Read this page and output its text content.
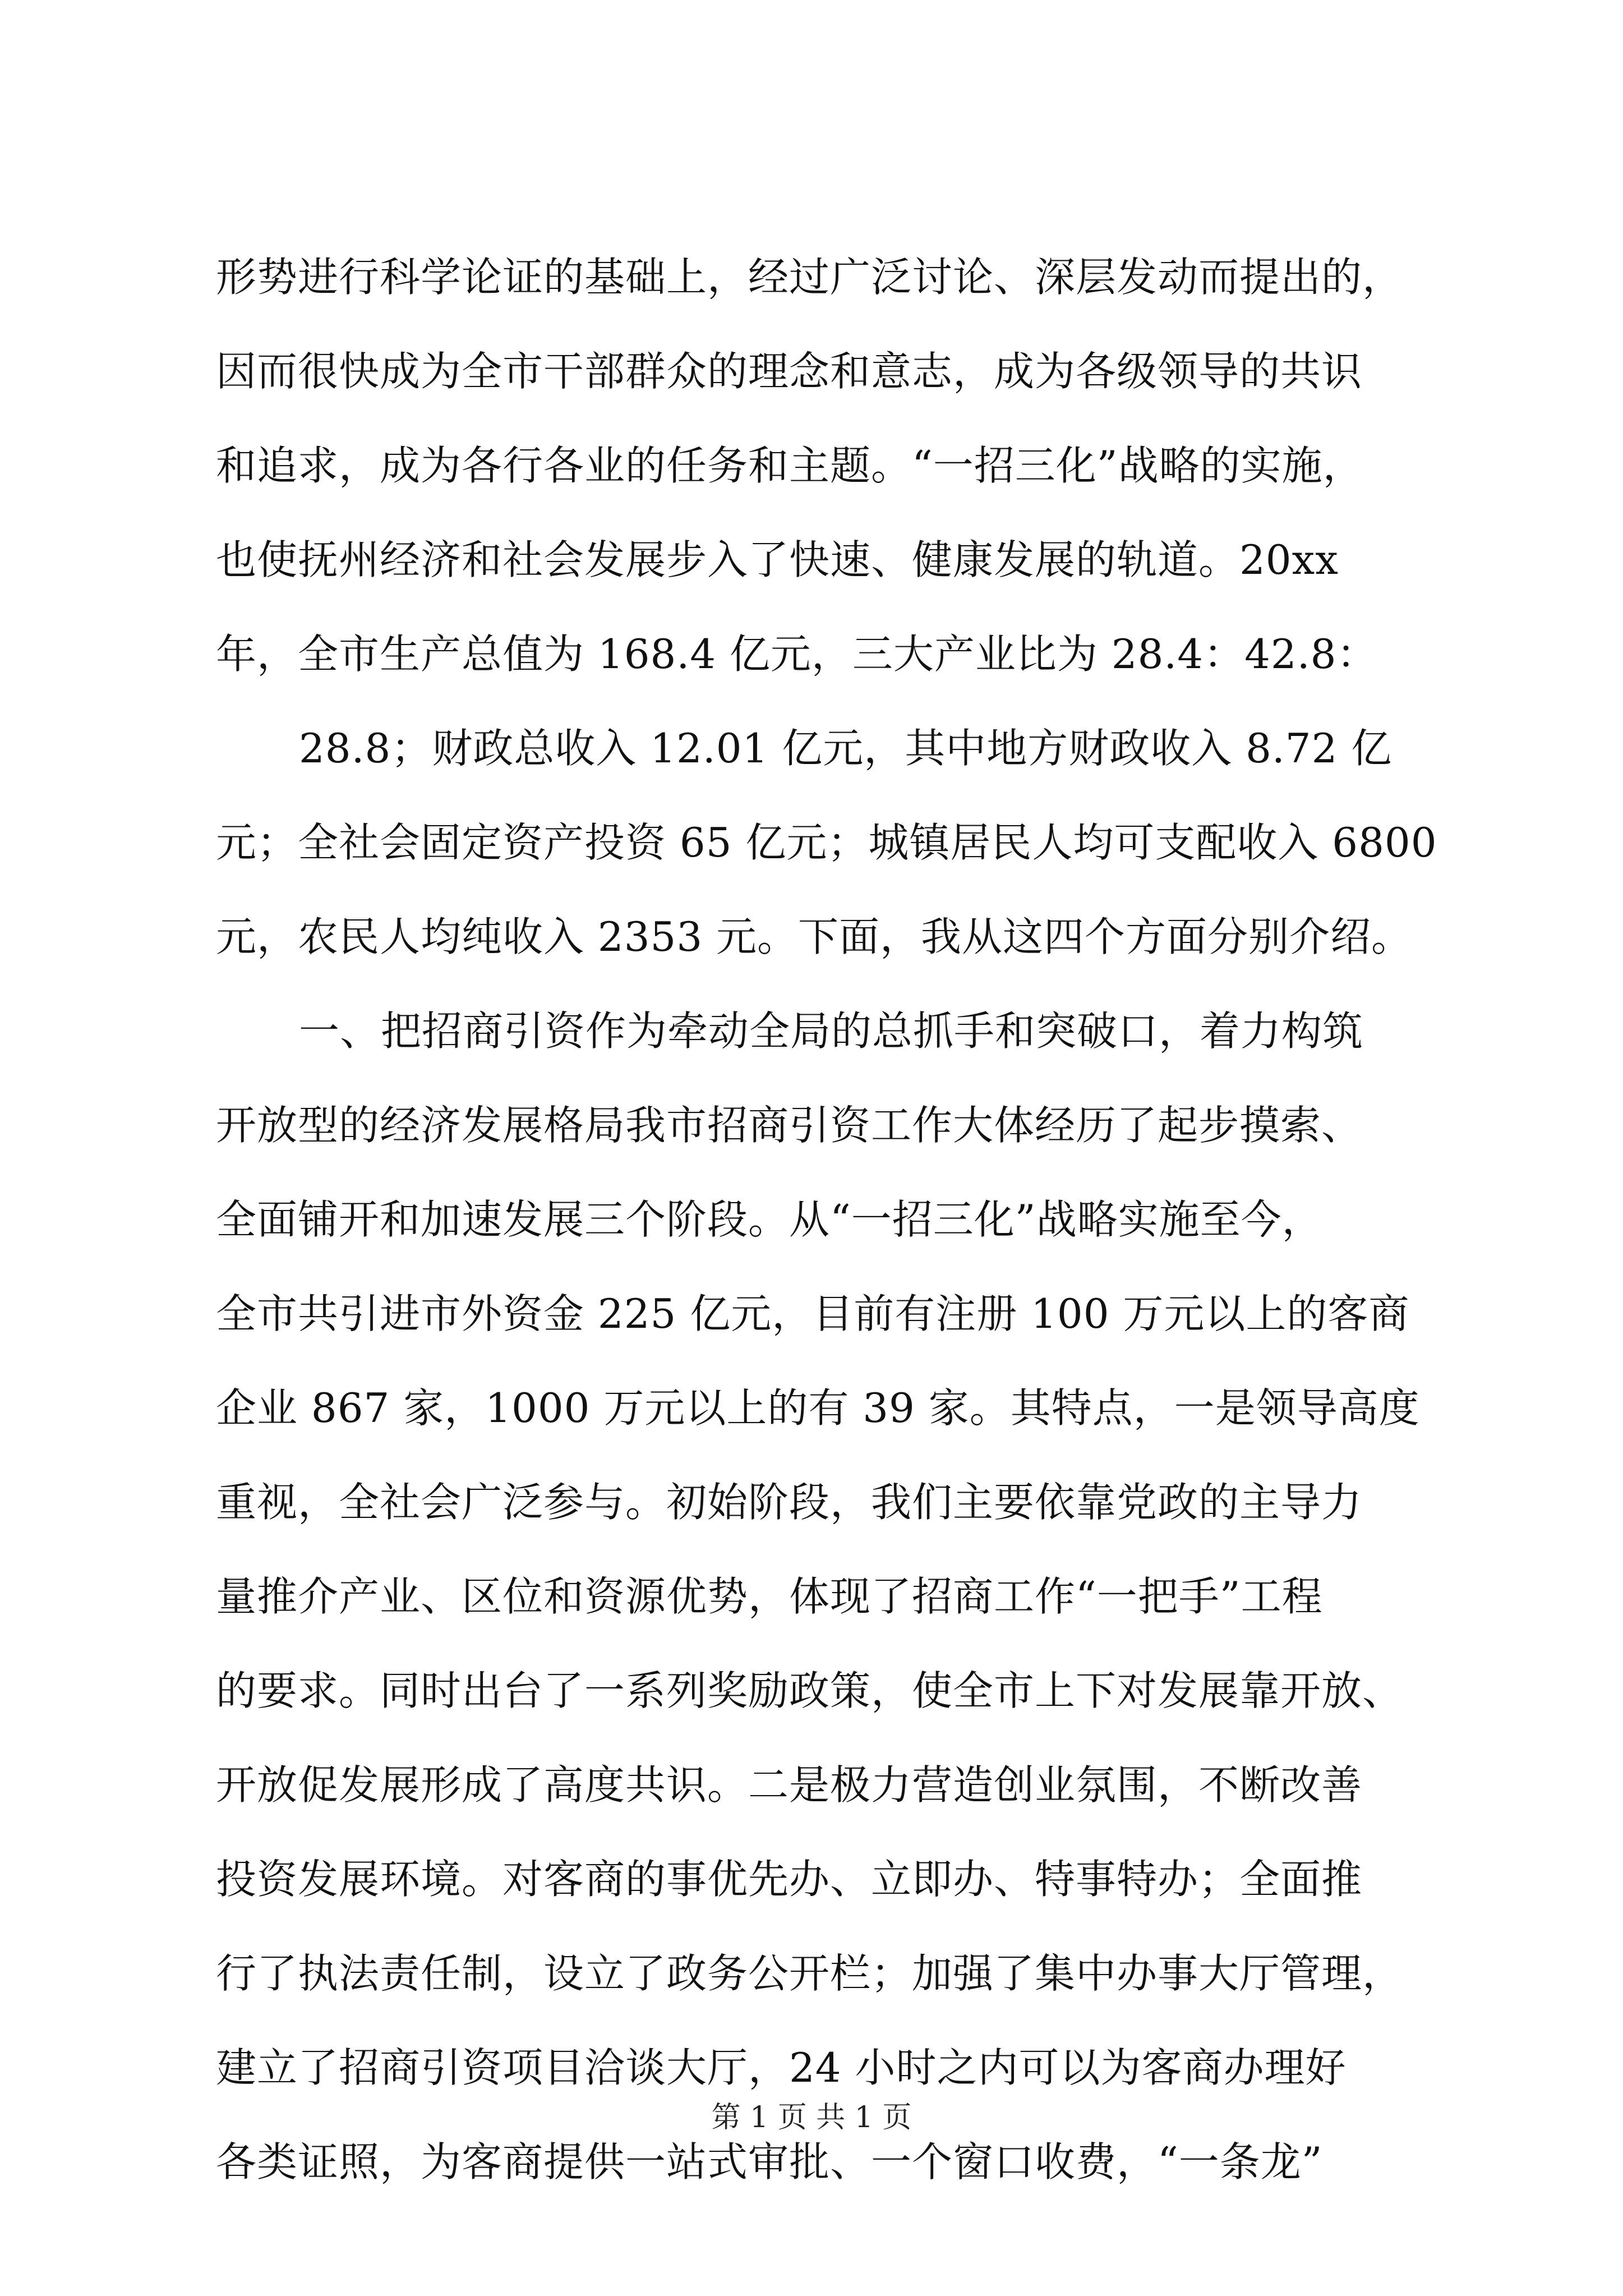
形势进行科学论证的基础上，经过广泛讨论、深层发动而提出的，
因而很快成为全市干部群众的理念和意志，成为各级领导的共识
和追求，成为各行各业的任务和主题。“一招三化”战略的实施，
也使抚州经济和社会发展步入了快速、健康发展的轨道。20xx
年，全市生产总值为 168.4 亿元，三大产业比为 28.4：42.8：
28.8；财政总收入 12.01 亿元，其中地方财政收入 8.72 亿
元；全社会固定资产投资 65 亿元；城镇居民人均可支配收入 6800
元，农民人均纯收入 2353 元。下面，我从这四个方面分别介绍。
一、把招商引资作为牵动全局的总抓手和突破口，着力构筑
开放型的经济发展格局我市招商引资工作大体经历了起步摸索、
全面铺开和加速发展三个阶段。从“一招三化”战略实施至今，
全市共引进市外资金 225 亿元，目前有注册 100 万元以上的客商
企业 867 家，1000 万元以上的有 39 家。其特点，一是领导高度
重视，全社会广泛参与。初始阶段，我们主要依靠党政的主导力
量推介产业、区位和资源优势，体现了招商工作“一把手”工程
的要求。同时出台了一系列奖励政策，使全市上下对发展靠开放、
开放促发展形成了高度共识。二是极力营造创业氛围，不断改善
投资发展环境。对客商的事优先办、立即办、特事特办；全面推
行了执法责任制，设立了政务公开栏；加强了集中办事大厅管理，
建立了招商引资项目洽谈大厅，24 小时之内可以为客商办理好
各类证照，为客商提供一站式审批、一个窗口收费，“一条龙”
第 1 页 共 1 页
